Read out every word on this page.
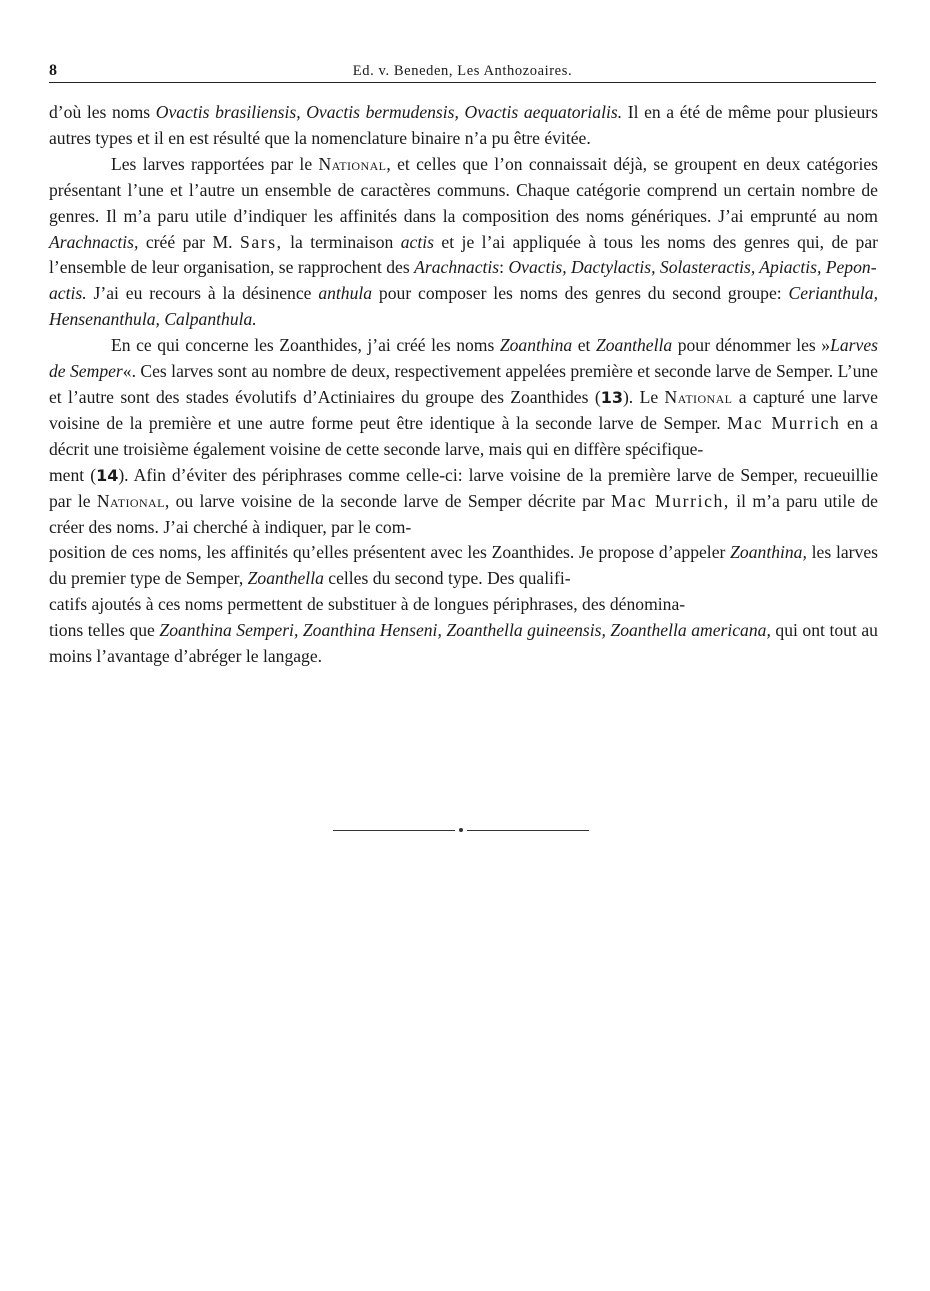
8	Ed. v. Beneden, Les Anthozoaires.

d’où les noms Ovactis brasiliensis, Ovactis bermudensis, Ovactis aequatorialis. Il en a été de même pour plusieurs autres types et il en est résulté que la nomenclature binaire n’a pu être évitée.

Les larves rapportées par le National, et celles que l’on connaissait déjà, se groupent en deux catégories présentant l’une et l’autre un ensemble de caractères communs. Chaque catégorie comprend un certain nombre de genres. Il m’a paru utile d’indiquer les affinités dans la composition des noms génériques. J’ai emprunté au nom Arachnactis, créé par M. Sars, la terminaison actis et je l’ai appliquée à tous les noms des genres qui, de par l’ensemble de leur organisation, se rapprochent des Arachnactis: Ovactis, Dactylactis, Solasteractis, Apiactis, Pepon-
actis. J’ai eu recours à la désinence anthula pour composer les noms des genres du second groupe: Cerianthula, Hensenanthula, Calpanthula.

En ce qui concerne les Zoanthides, j’ai créé les noms Zoanthina et Zoanthella pour dénommer les »Larves de Semper«. Ces larves sont au nombre de deux, respectivement appelées première et seconde larve de Semper. L’une et l’autre sont des stades évolutifs d’Actiniaires du groupe des Zoanthides (13). Le National a capturé une larve voisine de la première et une autre forme peut être identique à la seconde larve de Semper. Mac Murrich en a décrit une troisième également voisine de cette seconde larve, mais qui en diffère spécifique-
ment (14). Afin d’éviter des périphrases comme celle-ci: larve voisine de la première larve de Semper, recueuillie par le National, ou larve voisine de la seconde larve de Semper décrite par Mac Murrich, il m’a paru utile de créer des noms. J’ai cherché à indiquer, par le com-
position de ces noms, les affinités qu’elles présentent avec les Zoanthides. Je propose d’appeler Zoanthina, les larves du premier type de Semper, Zoanthella celles du second type. Des qualifi-
catifs ajoutés à ces noms permettent de substituer à de longues périphrases, des dénomina-
tions telles que Zoanthina Semperi, Zoanthina Henseni, Zoanthella guineensis, Zoanthella americana, qui ont tout au moins l’avantage d’abréger le langage.
